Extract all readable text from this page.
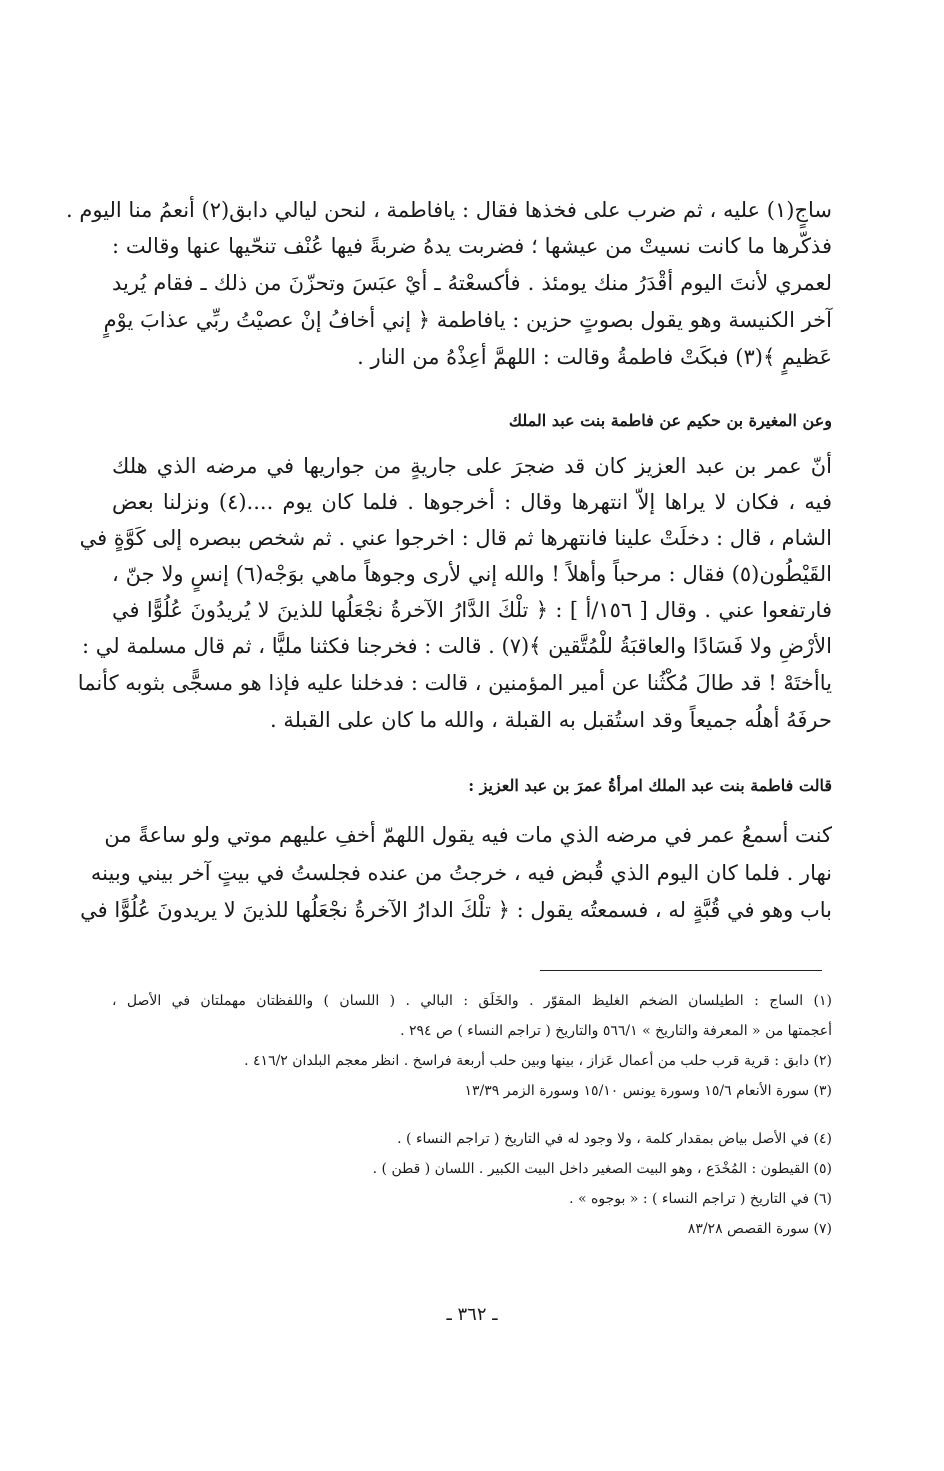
ساجٍ(١) عليه ، ثم ضرب على فخذها فقال : يافاطمة ، لنحن ليالي دابق(٢) أنعمُ منا اليوم .
فذكّرها ما كانت نسيتْ من عيشها ؛ فضربت يدهُ ضربةً فيها عُنْف تنحّيها عنها وقالت :
لعمري لأنتَ اليوم أقْدَرُ منك يومئذ . فأكسعْتهُ ـ أيْ عبَسَ وتحزّنَ من ذلك ـ فقام يُريد
آخر الكنيسة وهو يقول بصوتٍ حزين : يافاطمة ﴿ إني أخافُ إنْ عصيْتُ ربِّي عذابَ يوْمٍ
عَظيمٍ ﴾(٣) فبكَتْ فاطمةُ وقالت : اللهمَّ أعِذْهُ من النار .
وعن المغيرة بن حكيم عن فاطمة بنت عبد الملك
أنّ عمر بن عبد العزيز كان قد ضجرَ على جاريةٍ من جواريها في مرضه الذي هلك
فيه ، فكان لا يراها إلاّ انتهرها وقال : أخرجوها . فلما كان يوم ....(٤) ونزلنا بعض
الشام ، قال : دخلَتْ علينا فانتهرها ثم قال : اخرجوا عني . ثم شخص ببصره إلى كَوَّةٍ في
القَيْطُون(٥) فقال : مرحباً وأهلاً ! والله إني لأرى وجوهاً ماهي بوَجْه(٦) إنسٍ ولا جنّ ،
فارتفعوا عني . وقال [ ١٥٦/أ ] : ﴿ تلْكَ الدَّارُ الآخرةُ نجْعَلُها للذينَ لا يُريدُونَ عُلُوًّا في
الأرْضِ ولا فَسَادًا والعاقبَةُ للْمُتَّقين ﴾(٧) . قالت : فخرجنا فكثنا مليًّا ، ثم قال مسلمة لي :
ياأختَهْ ! قد طالَ مُكْثُنا عن أمير المؤمنين ، قالت : فدخلنا عليه فإذا هو مسجًّى بثوبه كأنما
حرفَهُ أهلُه جميعاً وقد استُقبل به القبلة ، والله ما كان على القبلة .
قالت فاطمة بنت عبد الملك امرأةُ عمرَ بن عبد العزيز :
كنت أسمعُ عمر في مرضه الذي مات فيه يقول اللهمّ أخفِ عليهم موتي ولو ساعةً من
نهار . فلما كان اليوم الذي قُبض فيه ، خرجتُ من عنده فجلستُ في بيتٍ آخر بيني وبينه
باب وهو في قُبَّةٍ له ، فسمعتُه يقول : ﴿ تلْكَ الدارُ الآخرةُ نجْعَلُها للذينَ لا يريدونَ عُلُوًّا في
(١) الساج : الطيلسان الضخم الغليظ المقوّر . والخَلَق : البالي . ( اللسان ) واللفظتان مهملتان في الأصل ،
أعجمتها من « المعرفة والتاريخ » ٥٦٦/١ والتاريخ ( تراجم النساء ) ص ٢٩٤ .
(٢) دابق : قرية قرب حلب من أعمال عَزاز ، بينها وبين حلب أربعة فراسخ . انظر معجم البلدان ٤١٦/٢ .
(٣) سورة الأنعام ١٥/٦ وسورة يونس ١٥/١٠ وسورة الزمر ١٣/٣٩
(٤) في الأصل بياض بمقدار كلمة ، ولا وجود له في التاريخ ( تراجم النساء ) .
(٥) القيطون : المُخْدَع ، وهو البيت الصغير داخل البيت الكبير . اللسان ( قطن ) .
(٦) في التاريخ ( تراجم النساء ) : « بوجوه » .
(٧) سورة القصص ٨٣/٢٨
ـ ٣٦٢ ـ
